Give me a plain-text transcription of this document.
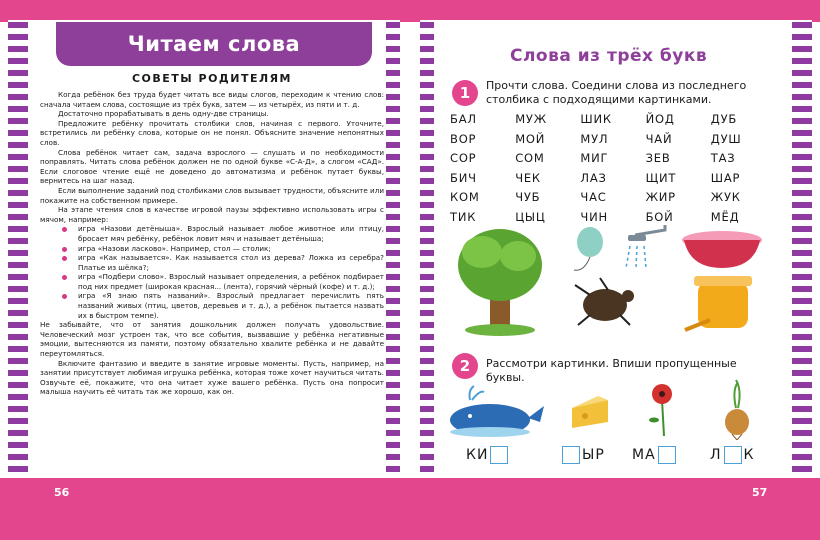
Читаем слова
СОВЕТЫ РОДИТЕЛЯМ

Когда ребёнок без труда будет читать все виды слогов, переходим к чтению слов: сначала читаем слова, состоящие из трёх букв, затем — из четырёх, из пяти и т. д.

Достаточно прорабатывать в день одну-две страницы.

Предложите ребёнку прочитать столбики слов, начиная с первого. Уточните, встретились ли ребёнку слова, которые он не понял. Объясните значение непонятных слов.

Слова ребёнок читает сам, задача взрослого — слушать и по необходимости поправлять. Читать слова ребёнок должен не по одной букве «С-А-Д», а слогом «САД». Если слоговое чтение ещё не доведено до автоматизма и ребёнок путает буквы, вернитесь на шаг назад.

Если выполнение заданий под столбиками слов вызывает трудности, объясните или покажите на собственном примере.

На этапе чтения слов в качестве игровой паузы эффективно использовать игры с мячом, например:

игра «Назови детёныша». Взрослый называет любое животное или птицу, бросает мяч ребёнку, ребёнок ловит мяч и называет детёныша;
игра «Назови ласково». Например, стол — столик;
игра «Как называется». Как называется стол из дерева? Ложка из серебра? Платье из шёлка?;
игра «Подбери слово». Взрослый называет определения, а ребёнок подбирает под них предмет (широкая красная... (лента), горячий чёрный (кофе) и т. д.);
игра «Я знаю пять названий». Взрослый предлагает перечислить пять названий живых (птиц, цветов, деревьев и т. д.), а ребёнок пытается назвать их в быстром темпе).

Не забывайте, что от занятия дошкольник должен получать удовольствие. Человеческий мозг устроен так, что все события, вызвавшие у ребёнка негативные эмоции, вытесняются из памяти, поэтому обязательно хвалите ребёнка и не давайте переутомляться.

Включите фантазию и введите в занятие игровые моменты. Пусть, например, на занятии присутствует любимая игрушка ребёнка, которая тоже хочет научиться читать. Озвучьте её, покажите, что она читает хуже вашего ребёнка. Пусть она попросит малыша научить её читать так же хорошо, как он.

56
Слова из трёх букв
1	Прочти слова. Соедини слова из последнего столбика с подходящими картинками.
БАЛ	МУЖ	ШИК	ЙОД	ДУБ
ВОР	МОЙ	МУЛ	ЧАЙ	ДУШ
СОР	СОМ	МИГ	ЗЕВ	ТАЗ
БИЧ	ЧЕК	ЛАЗ	ЩИТ	ШАР
КОМ	ЧУБ	ЧАС	ЖИР	ЖУК
ТИК	ЦЫЦ	ЧИН	БОЙ	МЁД
2	Рассмотри картинки. Впиши пропущенные буквы.
КИ	ЫР МА	Л К
57
